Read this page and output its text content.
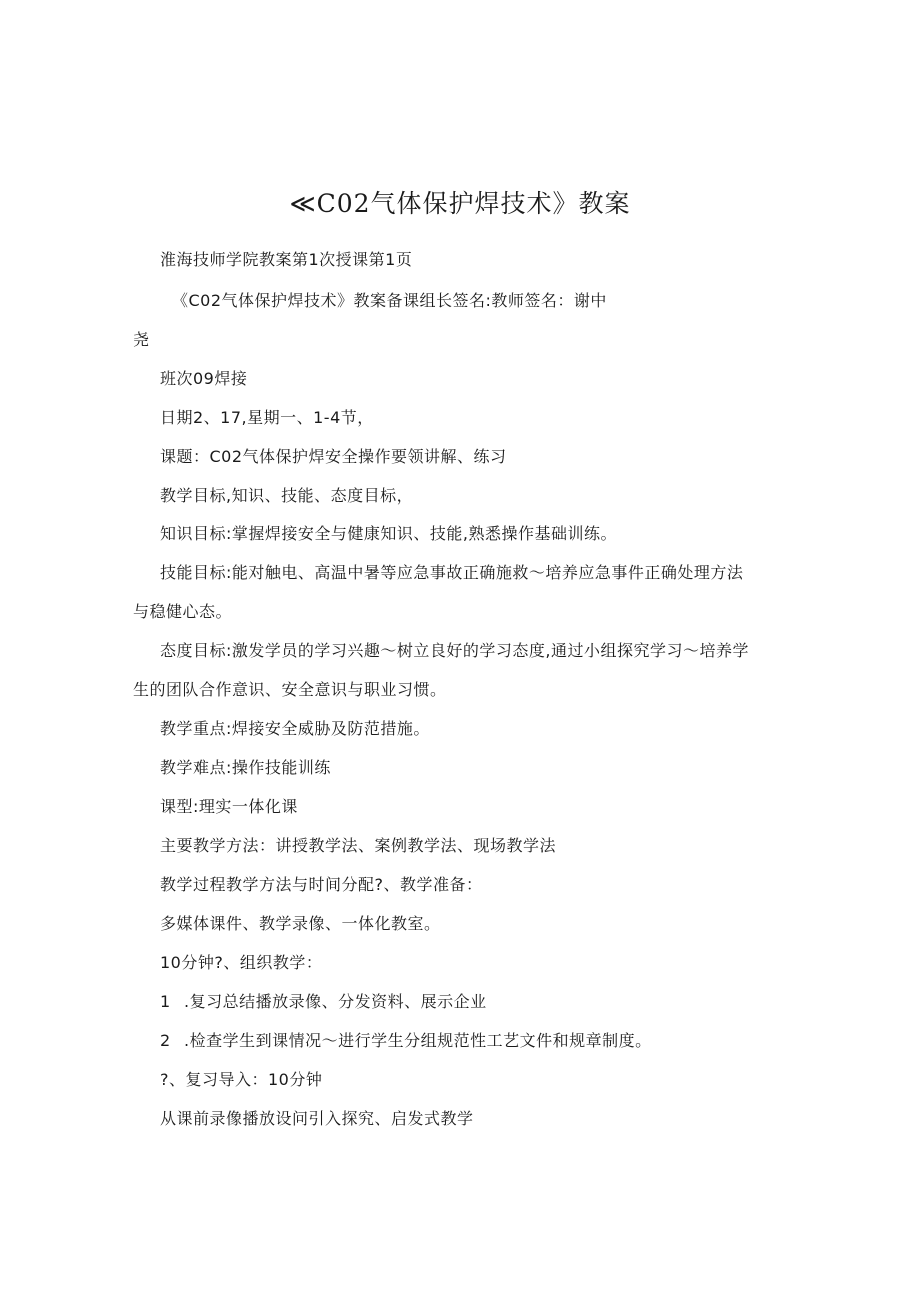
≪C02气体保护焊技术》教案
淮海技师学院教案第1次授课第1页
《C02气体保护焊技术》教案备课组长签名:教师签名：谢中
尧
班次09焊接
日期2、17,星期一、1-4节，
课题：C02气体保护焊安全操作要领讲解、练习
教学目标,知识、技能、态度目标，
知识目标:掌握焊接安全与健康知识、技能,熟悉操作基础训练。
技能目标:能对触电、高温中暑等应急事故正确施救～培养应急事件正确处理方法
与稳健心态。
态度目标:激发学员的学习兴趣～树立良好的学习态度,通过小组探究学习～培养学
生的团队合作意识、安全意识与职业习惯。
教学重点:焊接安全威胁及防范措施。
教学难点:操作技能训练
课型:理实一体化课
主要教学方法：讲授教学法、案例教学法、现场教学法
教学过程教学方法与时间分配?、教学准备：
多媒体课件、教学录像、一体化教室。
10分钟?、组织教学：
1 .复习总结播放录像、分发资料、展示企业
2 .检查学生到课情况～进行学生分组规范性工艺文件和规章制度。
?、复习导入：10分钟
从课前录像播放设问引入探究、启发式教学
